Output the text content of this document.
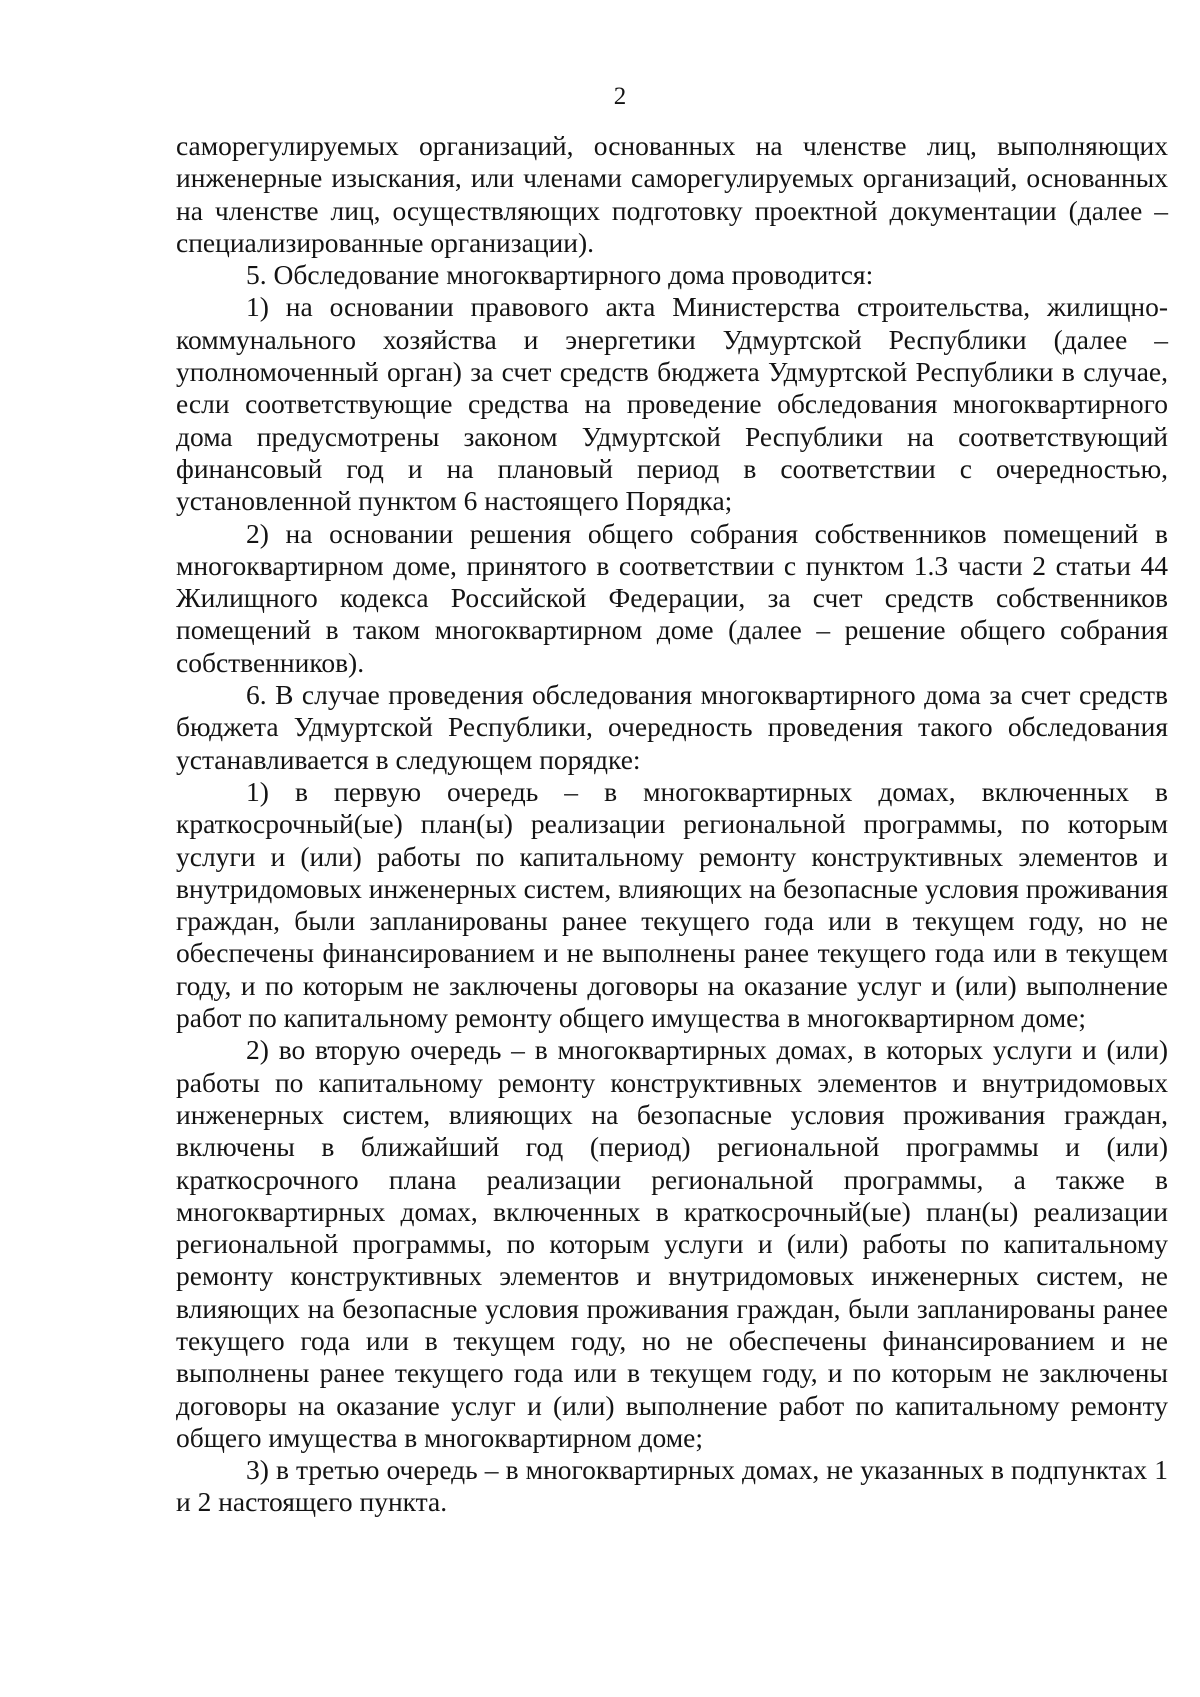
2

саморегулируемых организаций, основанных на членстве лиц, выполняющих инженерные изыскания, или членами саморегулируемых организаций, основанных на членстве лиц, осуществляющих подготовку проектной документации (далее – специализированные организации).

5. Обследование многоквартирного дома проводится:

1) на основании правового акта Министерства строительства, жилищно-коммунального хозяйства и энергетики Удмуртской Республики (далее – уполномоченный орган) за счет средств бюджета Удмуртской Республики в случае, если соответствующие средства на проведение обследования многоквартирного дома предусмотрены законом Удмуртской Республики на соответствующий финансовый год и на плановый период в соответствии с очередностью, установленной пунктом 6 настоящего Порядка;

2) на основании решения общего собрания собственников помещений в многоквартирном доме, принятого в соответствии с пунктом 1.3 части 2 статьи 44 Жилищного кодекса Российской Федерации, за счет средств собственников помещений в таком многоквартирном доме (далее – решение общего собрания собственников).

6. В случае проведения обследования многоквартирного дома за счет средств бюджета Удмуртской Республики, очередность проведения такого обследования устанавливается в следующем порядке:

1) в первую очередь – в многоквартирных домах, включенных в краткосрочный(ые) план(ы) реализации региональной программы, по которым услуги и (или) работы по капитальному ремонту конструктивных элементов и внутридомовых инженерных систем, влияющих на безопасные условия проживания граждан, были запланированы ранее текущего года или в текущем году, но не обеспечены финансированием и не выполнены ранее текущего года или в текущем году, и по которым не заключены договоры на оказание услуг и (или) выполнение работ по капитальному ремонту общего имущества в многоквартирном доме;

2) во вторую очередь – в многоквартирных домах, в которых услуги и (или) работы по капитальному ремонту конструктивных элементов и внутридомовых инженерных систем, влияющих на безопасные условия проживания граждан, включены в ближайший год (период) региональной программы и (или) краткосрочного плана реализации региональной программы, а также в многоквартирных домах, включенных в краткосрочный(ые) план(ы) реализации региональной программы, по которым услуги и (или) работы по капитальному ремонту конструктивных элементов и внутридомовых инженерных систем, не влияющих на безопасные условия проживания граждан, были запланированы ранее текущего года или в текущем году, но не обеспечены финансированием и не выполнены ранее текущего года или в текущем году, и по которым не заключены договоры на оказание услуг и (или) выполнение работ по капитальному ремонту общего имущества в многоквартирном доме;

3) в третью очередь – в многоквартирных домах, не указанных в подпунктах 1 и 2 настоящего пункта.
